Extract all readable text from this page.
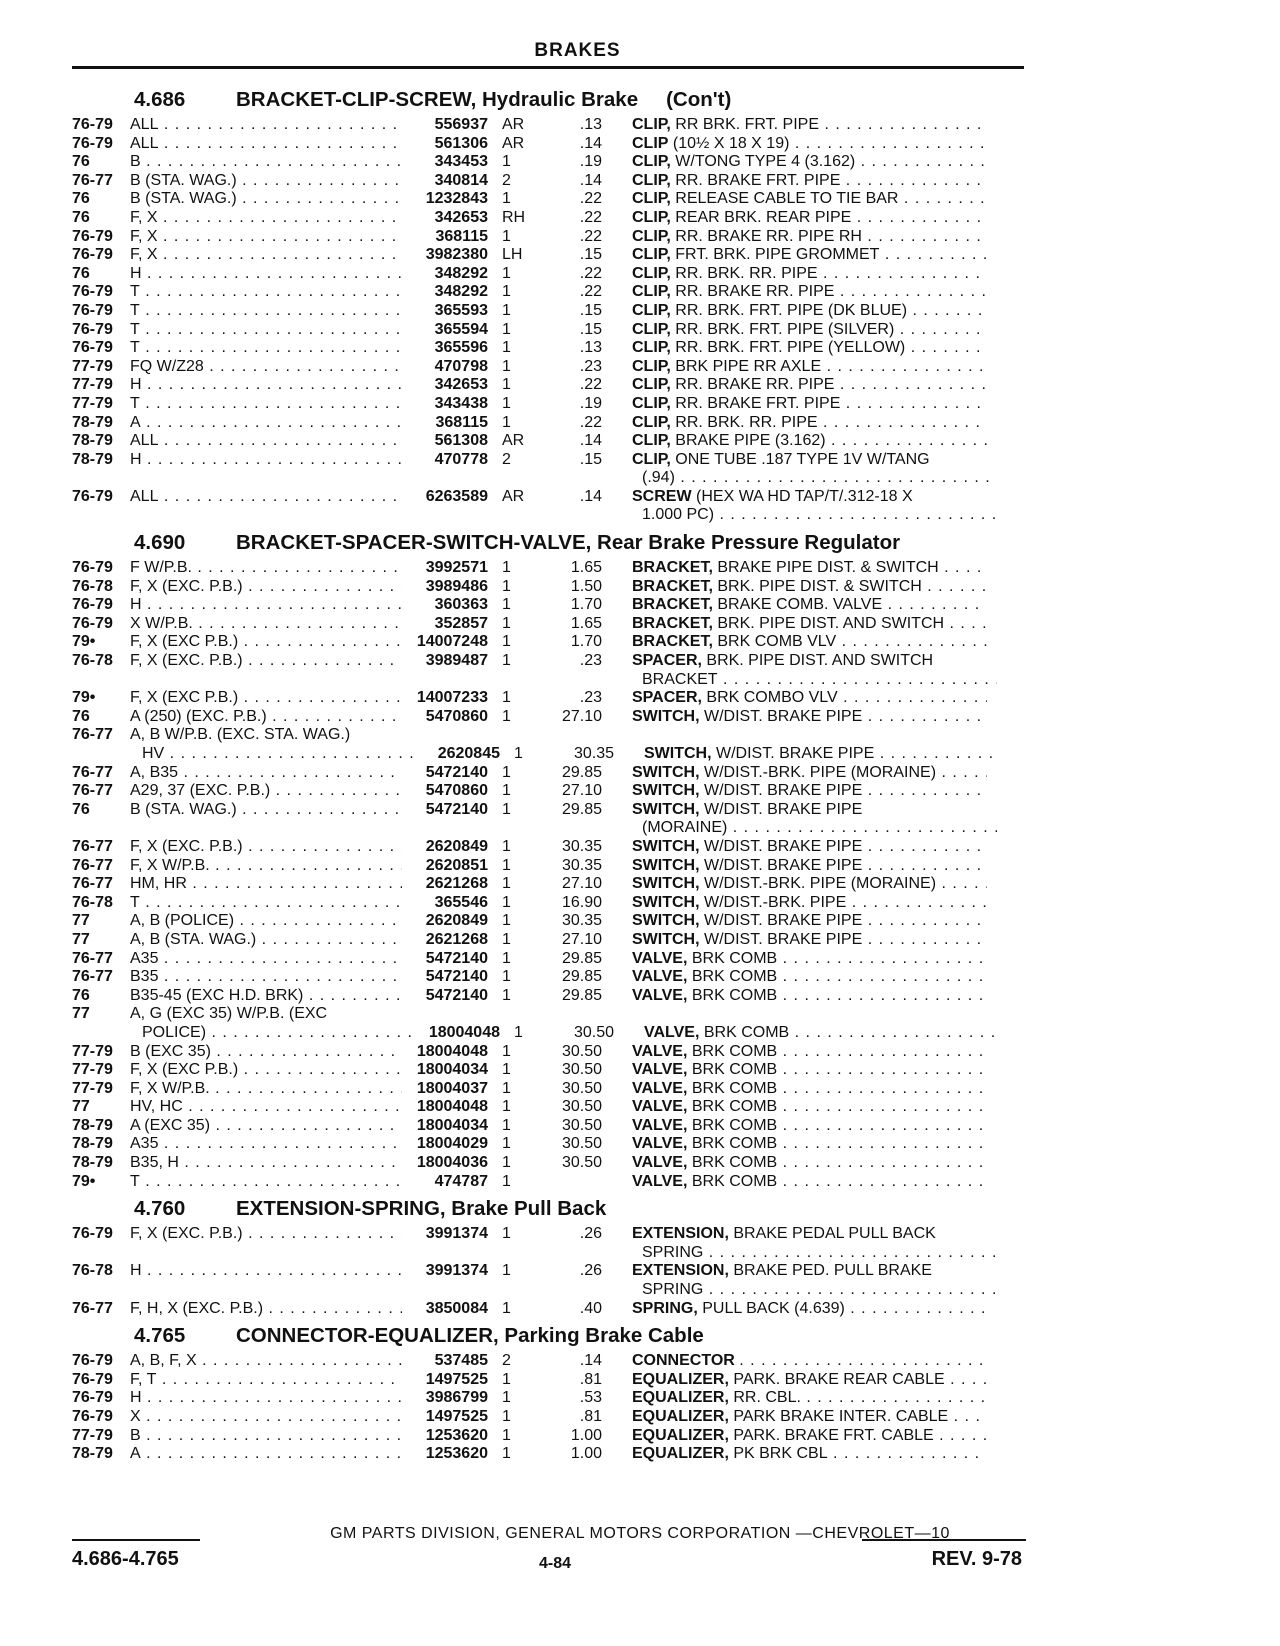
BRAKES
4.686 BRACKET-CLIP-SCREW, Hydraulic Brake (Con't)
76-79	ALL . . .	556937 AR	.13	CLIP, RR BRK. FRT. PIPE . . .
76-79	ALL . . .	561306 AR	.14	CLIP (10½ X 18 X 19) . . .
76	B . . .	343453 1	.19	CLIP, W/TONG TYPE 4 (3.162) . . .
76-77	B (STA. WAG.) . . .	340814 2	.14	CLIP, RR. BRAKE FRT. PIPE . . .
76	B (STA. WAG.) . . .	1232843 1	.22	CLIP, RELEASE CABLE TO TIE BAR . . .
76	F, X . . .	342653 RH	.22	CLIP, REAR BRK. REAR PIPE . . .
76-79	F, X . . .	368115 1	.22	CLIP, RR. BRAKE RR. PIPE RH . . .
76-79	F, X . . .	3982380 LH	.15	CLIP, FRT. BRK. PIPE GROMMET . . .
76	H . . .	348292 1	.22	CLIP, RR. BRK. RR. PIPE . . .
76-79	T . . .	348292 1	.22	CLIP, RR. BRAKE RR. PIPE . . .
76-79	T . . .	365593 1	.15	CLIP, RR. BRK. FRT. PIPE (DK BLUE) . . .
76-79	T . . .	365594 1	.15	CLIP, RR. BRK. FRT. PIPE (SILVER) . . .
76-79	T . . .	365596 1	.13	CLIP, RR. BRK. FRT. PIPE (YELLOW) . . .
77-79	FQ W/Z28 . . .	470798 1	.23	CLIP, BRK PIPE RR AXLE . . .
77-79	H . . .	342653 1	.22	CLIP, RR. BRAKE RR. PIPE . . .
77-79	T . . .	343438 1	.19	CLIP, RR. BRAKE FRT. PIPE . . .
78-79	A . . .	368115 1	.22	CLIP, RR. BRK. RR. PIPE . . .
78-79	ALL . . .	561308 AR	.14	CLIP, BRAKE PIPE (3.162) . . .
78-79	H . . .	470778 2	.15	CLIP, ONE TUBE .187 TYPE 1V W/TANG
(.94) . . .
76-79	ALL . . .	6263589 AR	.14	SCREW (HEX WA HD TAP/T/.312-18 X
1.000 PC) . . .
4.690 BRACKET-SPACER-SWITCH-VALVE, Rear Brake Pressure Regulator
76-79	F W/P.B. . . .	3992571 1	1.65	BRACKET, BRAKE PIPE DIST. & SWITCH . . .
76-78	F, X (EXC. P.B.) . . .	3989486 1	1.50	BRACKET, BRK. PIPE DIST. & SWITCH . . .
76-79	H . . .	360363 1	1.70	BRACKET, BRAKE COMB. VALVE . . .
76-79	X W/P.B. . . .	352857 1	1.65	BRACKET, BRK. PIPE DIST. AND SWITCH . . .
79•	F, X (EXC P.B.) . . .	14007248 1	1.70	BRACKET, BRK COMB VLV . . .
76-78	F, X (EXC. P.B.) . . .	3989487 1	.23	SPACER, BRK. PIPE DIST. AND SWITCH
BRACKET . . .
79•	F, X (EXC P.B.) . . .	14007233 1	.23	SPACER, BRK COMBO VLV . . .
76	A (250) (EXC. P.B.) . . .	5470860 1	27.10	SWITCH, W/DIST. BRAKE PIPE . . .
76-77	A, B W/P.B. (EXC. STA. WAG.)
HV . . .	2620845 1	30.35	SWITCH, W/DIST. BRAKE PIPE . . .
76-77	A, B35 . . .	5472140 1	29.85	SWITCH, W/DIST.-BRK. PIPE (MORAINE) . . .
76-77	A29, 37 (EXC. P.B.) . . .	5470860 1	27.10	SWITCH, W/DIST. BRAKE PIPE . . .
76	B (STA. WAG.) . . .	5472140 1	29.85	SWITCH, W/DIST. BRAKE PIPE
(MORAINE) . . .
76-77	F, X (EXC. P.B.) . . .	2620849 1	30.35	SWITCH, W/DIST. BRAKE PIPE . . .
76-77	F, X W/P.B. . . .	2620851 1	30.35	SWITCH, W/DIST. BRAKE PIPE . . .
76-77	HM, HR . . .	2621268 1	27.10	SWITCH, W/DIST.-BRK. PIPE (MORAINE) . . .
76-78	T . . .	365546 1	16.90	SWITCH, W/DIST.-BRK. PIPE . . .
77	A, B (POLICE) . . .	2620849 1	30.35	SWITCH, W/DIST. BRAKE PIPE . . .
77	A, B (STA. WAG.) . . .	2621268 1	27.10	SWITCH, W/DIST. BRAKE PIPE . . .
76-77	A35 . . .	5472140 1	29.85	VALVE, BRK COMB . . .
76-77	B35 . . .	5472140 1	29.85	VALVE, BRK COMB . . .
76	B35-45 (EXC H.D. BRK) . . .	5472140 1	29.85	VALVE, BRK COMB . . .
77	A, G (EXC 35) W/P.B. (EXC
POLICE) . . .	18004048 1	30.50	VALVE, BRK COMB . . .
77-79	B (EXC 35) . . .	18004048 1	30.50	VALVE, BRK COMB . . .
77-79	F, X (EXC P.B.) . . .	18004034 1	30.50	VALVE, BRK COMB . . .
77-79	F, X W/P.B. . . .	18004037 1	30.50	VALVE, BRK COMB . . .
77	HV, HC . . .	18004048 1	30.50	VALVE, BRK COMB . . .
78-79	A (EXC 35) . . .	18004034 1	30.50	VALVE, BRK COMB . . .
78-79	A35 . . .	18004029 1	30.50	VALVE, BRK COMB . . .
78-79	B35, H . . .	18004036 1	30.50	VALVE, BRK COMB . . .
79•	T . . .	474787 1	VALVE, BRK COMB . . .
4.760 EXTENSION-SPRING, Brake Pull Back
76-79	F, X (EXC. P.B.) . . .	3991374 1	.26	EXTENSION, BRAKE PEDAL PULL BACK
SPRING . . .
76-78	H . . .	3991374 1	.26	EXTENSION, BRAKE PED. PULL BRAKE
SPRING . . .
76-77	F, H, X (EXC. P.B.) . . .	3850084 1	.40	SPRING, PULL BACK (4.639) . . .
4.765 CONNECTOR-EQUALIZER, Parking Brake Cable
76-79	A, B, F, X . . .	537485 2	.14	CONNECTOR . . .
76-79	F, T . . .	1497525 1	.81	EQUALIZER, PARK. BRAKE REAR CABLE . . .
76-79	H . . .	3986799 1	.53	EQUALIZER, RR. CBL. . . .
76-79	X . . .	1497525 1	.81	EQUALIZER, PARK BRAKE INTER. CABLE . . .
77-79	B . . .	1253620 1	1.00	EQUALIZER, PARK. BRAKE FRT. CABLE . . .
78-79	A . . .	1253620 1	1.00	EQUALIZER, PK BRK CBL . . .
GM PARTS DIVISION, GENERAL MOTORS CORPORATION —CHEVROLET—10
4.686-4.765	4-84	REV. 9-78
